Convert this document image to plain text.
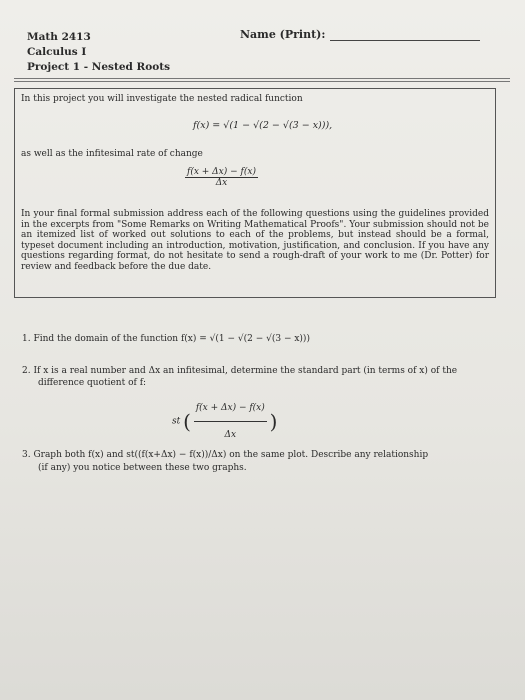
Math 2413
Calculus I
Project 1 - Nested Roots
Name (Print):
In this project you will investigate the nested radical function
f(x) = √(1 − √(2 − √(3 − x))),
as well as the infitesimal rate of change
$\frac{f(x + \Delta x) - f(x)}{\Delta x}$
In your final formal submission address each of the following questions using the guidelines provided in the excerpts from "Some Remarks on Writing Mathematical Proofs". Your submission should not be an itemized list of worked out solutions to each of the problems, but instead should be a formal, typeset document including an introduction, motivation, justification, and conclusion. If you have any questions regarding format, do not hesitate to send a rough-draft of your work to me (Dr. Potter) for review and feedback before the due date.
1. Find the domain of the function f(x) = √(1 − √(2 − √(3 − x)))
2. If x is a real number and Δx an infitesimal, determine the standard part (in terms of x) of the
difference quotient of f:
st ( $\frac{f(x + \Delta x) - f(x)}{\Delta x}$ )
3. Graph both f(x) and st((f(x+Δx) − f(x))/Δx) on the same plot. Describe any relationship
(if any) you notice between these two graphs.
